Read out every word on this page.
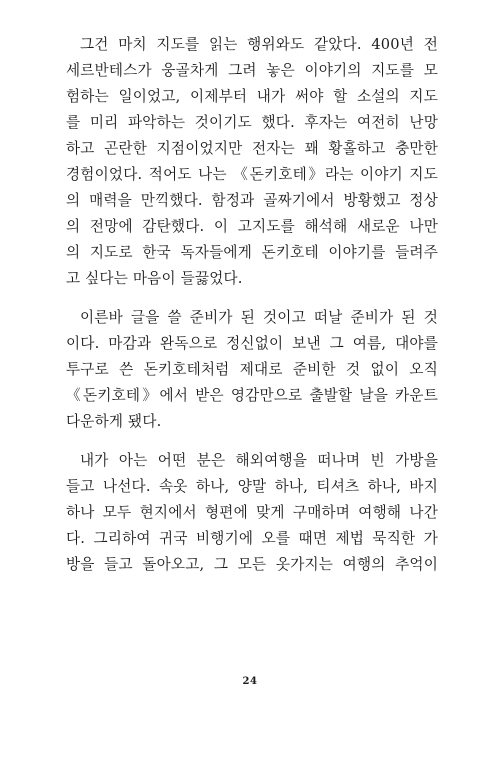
그건 마치 지도를 읽는 행위와도 같았다. 400년 전
세르반테스가 웅골차게 그려 놓은 이야기의 지도를 모
험하는 일이었고, 이제부터 내가 써야 할 소설의 지도
를 미리 파악하는 것이기도 했다. 후자는 여전히 난망
하고 곤란한 지점이었지만 전자는 꽤 황홀하고 충만한
경험이었다. 적어도 나는 《돈키호테》라는 이야기 지도
의 매력을 만끽했다. 함정과 골짜기에서 방황했고 정상
의 전망에 감탄했다. 이 고지도를 해석해 새로운 나만
의 지도로 한국 독자들에게 돈키호테 이야기를 들려주
고 싶다는 마음이 들끓었다.

이른바 글을 쓸 준비가 된 것이고 떠날 준비가 된 것
이다. 마감과 완독으로 정신없이 보낸 그 여름, 대야를
투구로 쓴 돈키호테처럼 제대로 준비한 것 없이 오직
《돈키호테》에서 받은 영감만으로 출발할 날을 카운트
다운하게 됐다.

내가 아는 어떤 분은 해외여행을 떠나며 빈 가방을
들고 나선다. 속옷 하나, 양말 하나, 티셔츠 하나, 바지
하나 모두 현지에서 형편에 맞게 구매하며 여행해 나간
다. 그리하여 귀국 비행기에 오를 때면 제법 묵직한 가
방을 들고 돌아오고, 그 모든 옷가지는 여행의 추억이

24
